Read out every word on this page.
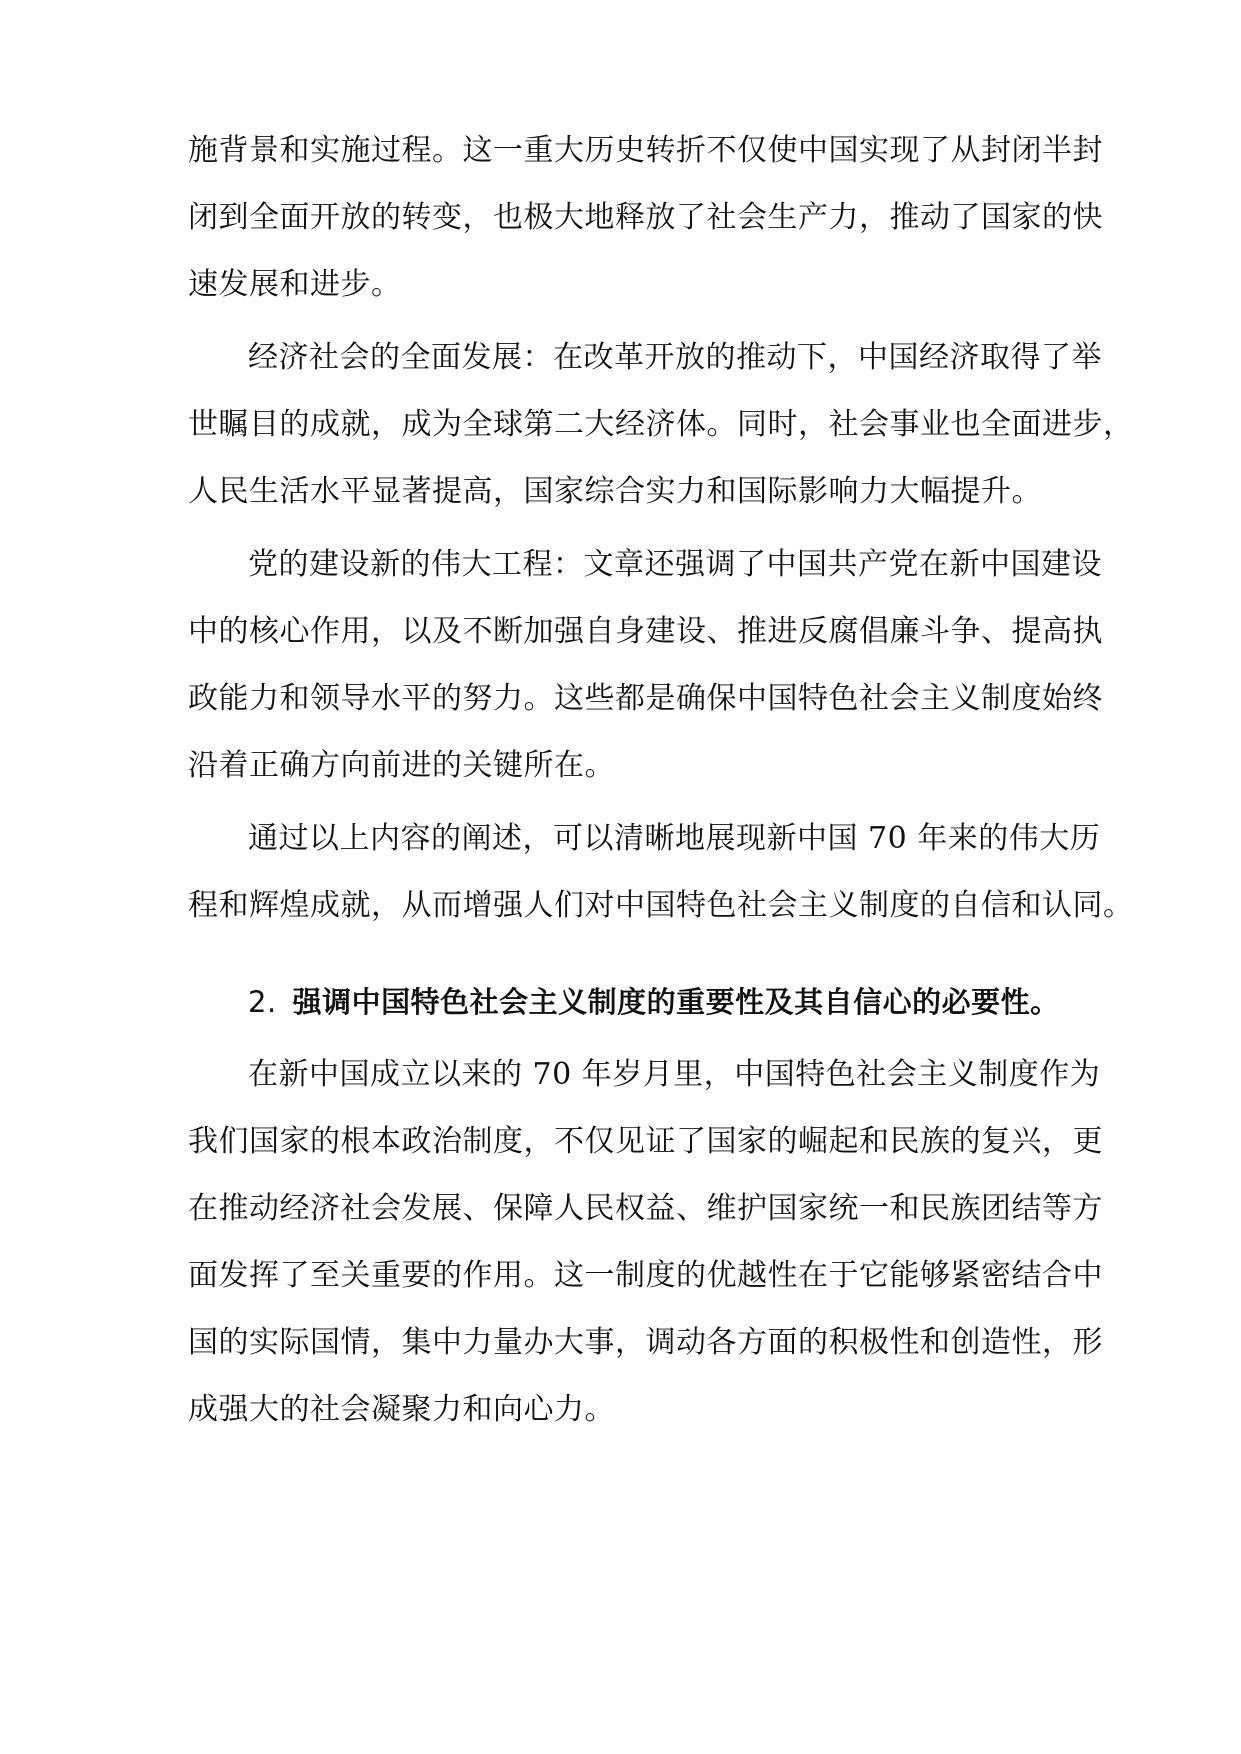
施背景和实施过程。这一重大历史转折不仅使中国实现了从封闭半封
闭到全面开放的转变，也极大地释放了社会生产力，推动了国家的快
速发展和进步。
经济社会的全面发展：在改革开放的推动下，中国经济取得了举
世瞩目的成就，成为全球第二大经济体。同时，社会事业也全面进步，
人民生活水平显著提高，国家综合实力和国际影响力大幅提升。
党的建设新的伟大工程：文章还强调了中国共产党在新中国建设
中的核心作用，以及不断加强自身建设、推进反腐倡廉斗争、提高执
政能力和领导水平的努力。这些都是确保中国特色社会主义制度始终
沿着正确方向前进的关键所在。
通过以上内容的阐述，可以清晰地展现新中国 70 年来的伟大历
程和辉煌成就，从而增强人们对中国特色社会主义制度的自信和认同。
2. 强调中国特色社会主义制度的重要性及其自信心的必要性。
在新中国成立以来的 70 年岁月里，中国特色社会主义制度作为
我们国家的根本政治制度，不仅见证了国家的崛起和民族的复兴，更
在推动经济社会发展、保障人民权益、维护国家统一和民族团结等方
面发挥了至关重要的作用。这一制度的优越性在于它能够紧密结合中
国的实际国情，集中力量办大事，调动各方面的积极性和创造性，形
成强大的社会凝聚力和向心力。
